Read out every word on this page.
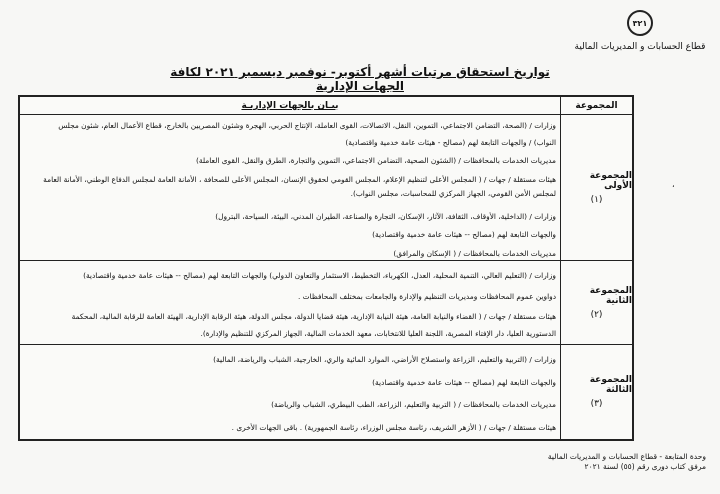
٣٢١
قطاع الحسابات و المديريات المالية
تواريخ استحقاق مرتبات أشهر أكتوبر- نوفمبر ديسمبر ٢٠٢١ لكافة الجهات الإدارية
المجموعة
بيـان بالجهات الإداريـة
المجموعة الأولى
(١)
وزارات / (الصحة، التضامن الاجتماعي، التموين، النقل، الاتصالات، القوى العاملة، الإنتاج الحربي، الهجرة وشئون المصريين بالخارج، قطاع الأعمال العام، شئون مجلس
النواب) / والجهات التابعة لهم (مصالح - هيئات عامة خدمية واقتصادية)
مديريات الخدمات بالمحافظات / (الشئون الصحية، التضامن الاجتماعي، التموين والتجارة، الطرق والنقل، القوى العاملة)
هيئات مستقلة / جهات / ( المجلس الأعلى لتنظيم الإعلام، المجلس القومي لحقوق الإنسان، المجلس الأعلى للصحافة ، الأمانة العامة لمجلس الدفاع الوطني، الأمانة العامة
لمجلس الأمن القومي، الجهاز المركزي للمحاسبات، مجلس النواب).
وزارات / (الداخلية، الأوقاف، الثقافة، الآثار، الإسكان، التجارة والصناعة، الطيران المدني، البيئة، السياحة، البترول)
والجهات التابعة لهم (مصالح -- هيئات عامة خدمية واقتصادية)
مديريات الخدمات بالمحافظات / ( الإسكان والمرافق)
المجموعة الثانية
(٢)
وزارات / (التعليم العالي، التنمية المحلية، العدل، الكهرباء، التخطيط، الاستثمار والتعاون الدولي) والجهات التابعة لهم (مصالح -- هيئات عامة خدمية واقتصادية)
دواوين عموم المحافظات ومديريات التنظيم والإدارة والجامعات بمختلف المحافظات .
هيئات مستقلة / جهات / ( القضاء والنيابة العامة، هيئة النيابة الإدارية، هيئة قضايا الدولة، مجلس الدولة، هيئة الرقابة الإدارية، الهيئة العامة للرقابة المالية، المحكمة
الدستورية العليا، دار الإفتاء المصرية، اللجنة العليا للانتخابات، معهد الخدمات المالية، الجهاز المركزي للتنظيم والإدارة).
المجموعة الثالثة
(٣)
وزارات / (التربية والتعليم، الزراعة واستصلاح الأراضي، الموارد المائية والري، الخارجية، الشباب والرياضة، المالية)
والجهات التابعة لهم (مصالح -- هيئات عامة خدمية واقتصادية)
مديريات الخدمات بالمحافظات / ( التربية والتعليم، الزراعة، الطب البيطري، الشباب والرياضة)
هيئات مستقلة / جهات / ( الأزهر الشريف، رئاسة مجلس الوزراء، رئاسة الجمهورية) . باقى الجهات الأخرى .
،
وحدة المتابعة - قطاع الحسابات و المديريات المالية
مرفق كتاب دورى رقم (٥٥) لسنة ٢٠٢١
